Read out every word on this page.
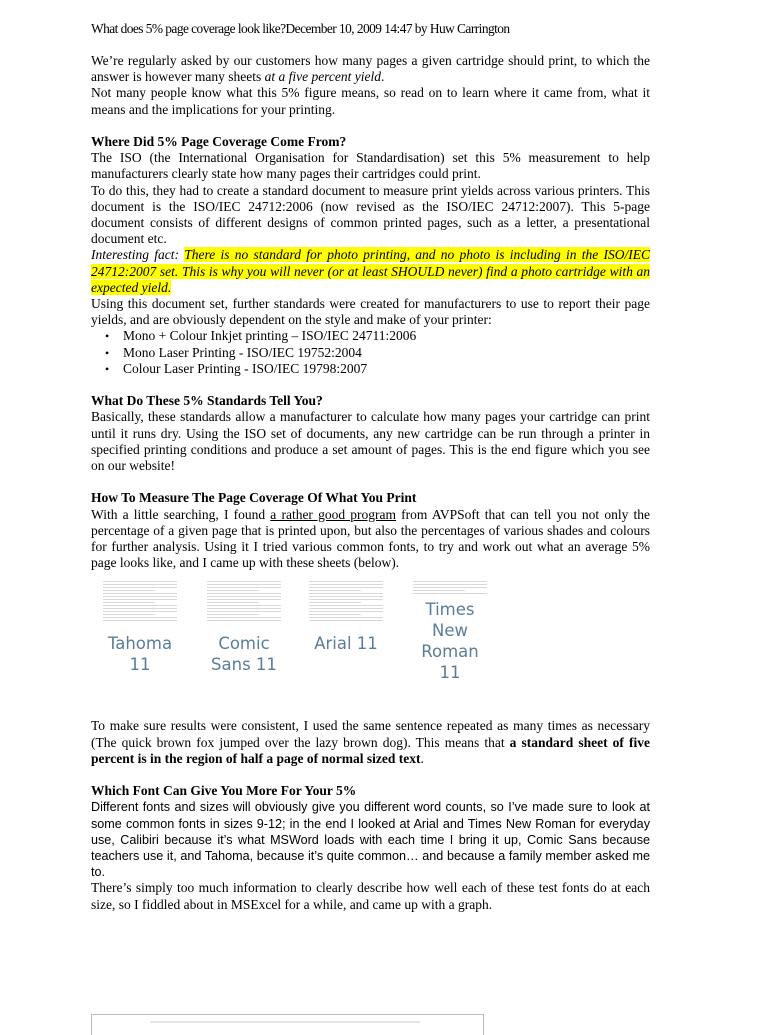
What does 5% page coverage look like?December 10, 2009 14:47 by Huw Carrington

We’re regularly asked by our customers how many pages a given cartridge should print, to which the answer is however many sheets at a five percent yield.

Not many people know what this 5% figure means, so read on to learn where it came from, what it means and the implications for your printing.

Where Did 5% Page Coverage Come From?

The ISO (the International Organisation for Standardisation) set this 5% measurement to help manufacturers clearly state how many pages their cartridges could print.

To do this, they had to create a standard document to measure print yields across various printers. This document is the ISO/IEC 24712:2006 (now revised as the ISO/IEC 24712:2007). This 5-page document consists of different designs of common printed pages, such as a letter, a presentational document etc.

Interesting fact: There is no standard for photo printing, and no photo is including in the ISO/IEC 24712:2007 set. This is why you will never (or at least SHOULD never) find a photo cartridge with an expected yield.

Using this document set, further standards were created for manufacturers to use to report their page yields, and are obviously dependent on the style and make of your printer:

• Mono + Colour Inkjet printing – ISO/IEC 24711:2006
• Mono Laser Printing - ISO/IEC 19752:2004
• Colour Laser Printing - ISO/IEC 19798:2007
What Do These 5% Standards Tell You?

Basically, these standards allow a manufacturer to calculate how many pages your cartridge can print until it runs dry. Using the ISO set of documents, any new cartridge can be run through a printer in specified printing conditions and produce a set amount of pages. This is the end figure which you see on our website!

How To Measure The Page Coverage Of What You Print

With a little searching, I found a rather good program from AVPSoft that can tell you not only the percentage of a given page that is printed upon, but also the percentages of various shades and colours for further analysis. Using it I tried various common fonts, to try and work out what an average 5% page looks like, and I came up with these sheets (below).

Tahoma 11
Comic Sans 11
Arial 11
Times New Roman 11

To make sure results were consistent, I used the same sentence repeated as many times as necessary (The quick brown fox jumped over the lazy brown dog). This means that a standard sheet of five percent is in the region of half a page of normal sized text.

Which Font Can Give You More For Your 5%

Different fonts and sizes will obviously give you different word counts, so I’ve made sure to look at some common fonts in sizes 9-12; in the end I looked at Arial and Times New Roman for everyday use, Calibiri because it’s what MSWord loads with each time I bring it up, Comic Sans because teachers use it, and Tahoma, because it’s quite common… and because a family member asked me to.

There’s simply too much information to clearly describe how well each of these test fonts do at each size, so I fiddled about in MSExcel for a while, and came up with a graph.
